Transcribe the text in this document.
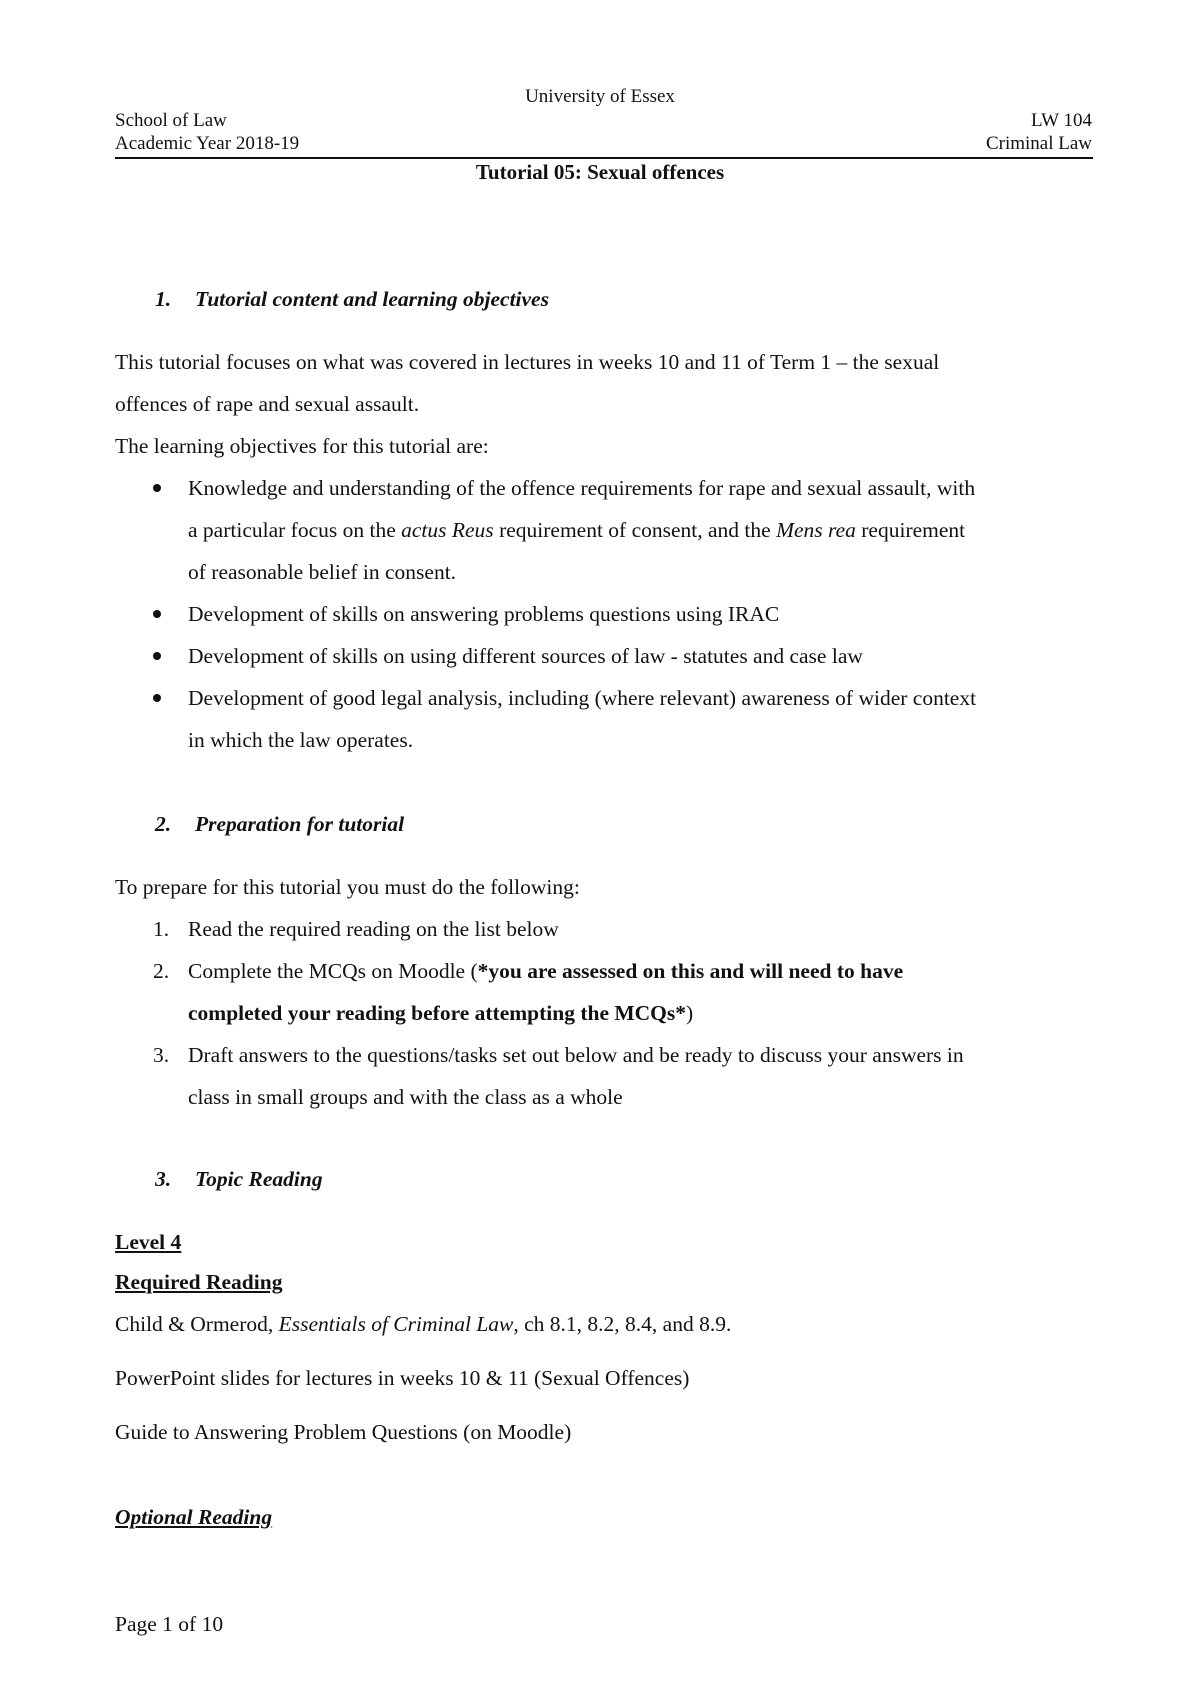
University of Essex
School of Law	LW 104
Academic Year 2018-19	Criminal Law
Tutorial 05: Sexual offences
1. Tutorial content and learning objectives
This tutorial focuses on what was covered in lectures in weeks 10 and 11 of Term 1 – the sexual
offences of rape and sexual assault.
The learning objectives for this tutorial are:
Knowledge and understanding of the offence requirements for rape and sexual assault, with
a particular focus on the actus Reus requirement of consent, and the Mens rea requirement
of reasonable belief in consent.
Development of skills on answering problems questions using IRAC
Development of skills on using different sources of law - statutes and case law
Development of good legal analysis, including (where relevant) awareness of wider context
in which the law operates.
2. Preparation for tutorial
To prepare for this tutorial you must do the following:
1. Read the required reading on the list below
2. Complete the MCQs on Moodle (*you are assessed on this and will need to have
completed your reading before attempting the MCQs*)
3. Draft answers to the questions/tasks set out below and be ready to discuss your answers in
class in small groups and with the class as a whole
3. Topic Reading
Level 4
Required Reading
Child & Ormerod, Essentials of Criminal Law, ch 8.1, 8.2, 8.4, and 8.9.
PowerPoint slides for lectures in weeks 10 & 11 (Sexual Offences)
Guide to Answering Problem Questions (on Moodle)
Optional Reading
Page 1 of 10
